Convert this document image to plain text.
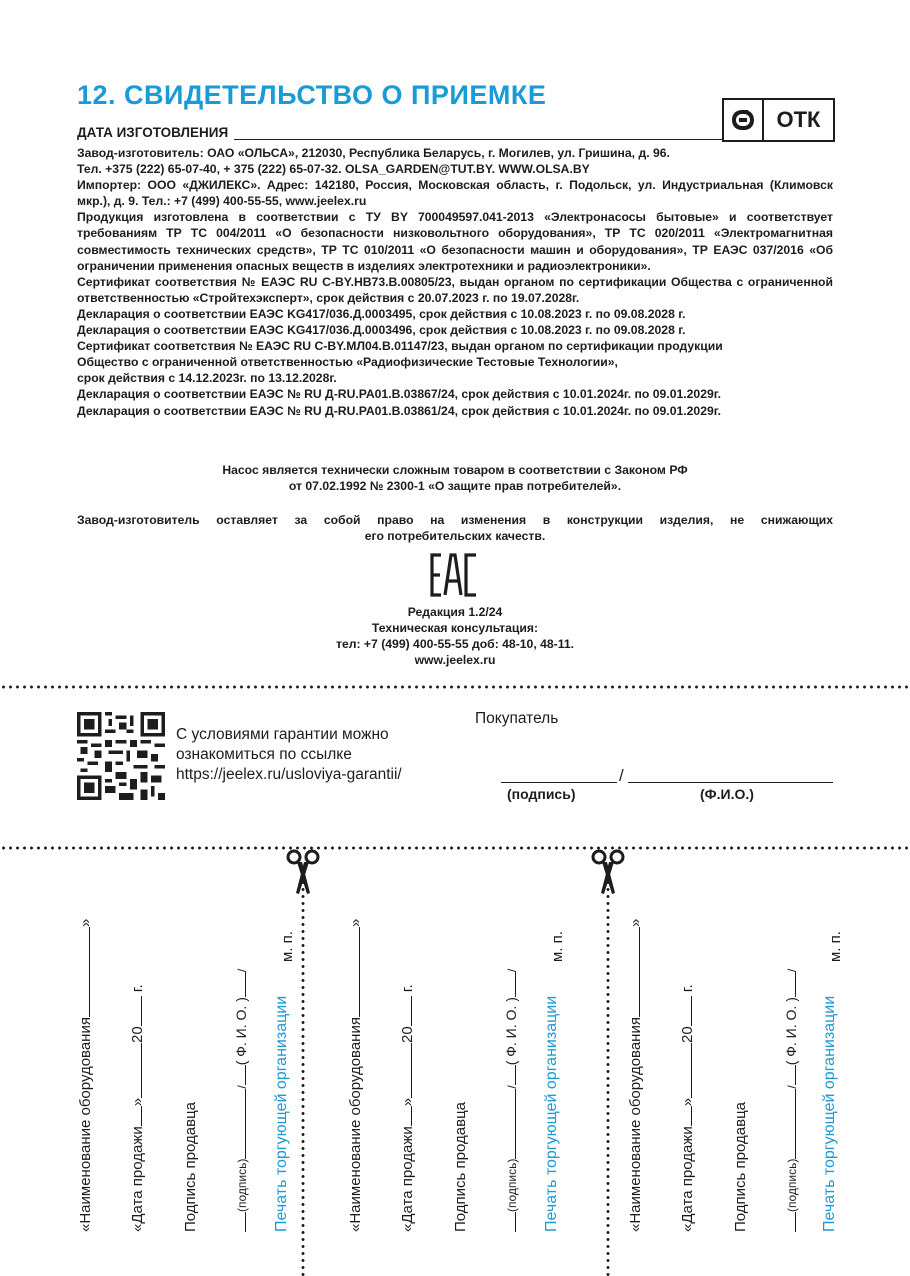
12. СВИДЕТЕЛЬСТВО О ПРИЕМКЕ
ОТК
ДАТА ИЗГОТОВЛЕНИЯ

Завод-изготовитель: ОАО «ОЛЬСА», 212030, Республика Беларусь, г. Могилев, ул. Гришина, д. 96.

Тел. +375 (222) 65-07-40, + 375 (222) 65-07-32. OLSA_GARDEN@TUT.BY. WWW.OLSA.BY

Импортер: ООО «ДЖИЛЕКС». Адрес: 142180, Россия, Московская область, г. Подольск, ул. Индустриальная (Климовск мкр.), д. 9. Тел.: +7 (499) 400-55-55, www.jeelex.ru

Продукция изготовлена в соответствии с ТУ BY 700049597.041-2013 «Электронасосы бытовые» и соответствует требованиям ТР ТС 004/2011 «О безопасности низковольтного оборудования», ТР ТС 020/2011 «Электромагнитная совместимость технических средств», ТР ТС 010/2011 «О безопасности машин и оборудования», ТР ЕАЭС 037/2016 «Об ограничении применения опасных веществ в изделиях электротехники и радиоэлектроники».

Сертификат соответствия № ЕАЭС RU С-BY.НВ73.В.00805/23, выдан органом по сертификации Общества с ограниченной ответственностью «Стройтехэксперт», срок действия с 20.07.2023 г. по 19.07.2028г.

Декларация о соответствии ЕАЭС KG417/036.Д.0003495, срок действия с 10.08.2023 г. по 09.08.2028 г.

Декларация о соответствии ЕАЭС KG417/036.Д.0003496, срок действия с 10.08.2023 г. по 09.08.2028 г.

Сертификат соответствия № ЕАЭС RU С-BY.МЛ04.В.01147/23, выдан органом по сертификации продукции

Общество с ограниченной ответственностью «Радиофизические Тестовые Технологии»,

срок действия с 14.12.2023г. по 13.12.2028г.

Декларация о соответствии ЕАЭС № RU Д-RU.РА01.В.03867/24, срок действия с 10.01.2024г. по 09.01.2029г.

Декларация о соответствии ЕАЭС № RU Д-RU.РА01.В.03861/24, срок действия с 10.01.2024г. по 09.01.2029г.

Насос является технически сложным товаром в соответствии с Законом РФ
от 07.02.1992 № 2300-1 «О защите прав потребителей».
Завод-изготовитель оставляет за собой право на изменения в конструкции изделия, не снижающих
его потребительских качеств.
Редакция 1.2/24
Техническая консультация:
тел: +7 (499) 400-55-55 доб: 48-10, 48-11.
www.jeelex.ru
С условиями гарантии можно
ознакомиться по ссылке
https://jeelex.ru/usloviya-garantii/
Покупатель
/
(подпись)	(Ф.И.О.)
«Наименование оборудования»
«Дата продажи»20 г.
Подпись продавца	(подпись)/( Ф. И. О. )/
Печать торгующей организации
м. п.
«Наименование оборудования»
«Дата продажи»20 г.
Подпись продавца	(подпись)/( Ф. И. О. )/
Печать торгующей организации
м. п.
«Наименование оборудования»
«Дата продажи»20 г.
Подпись продавца	(подпись)/( Ф. И. О. )/
Печать торгующей организации
м. п.
